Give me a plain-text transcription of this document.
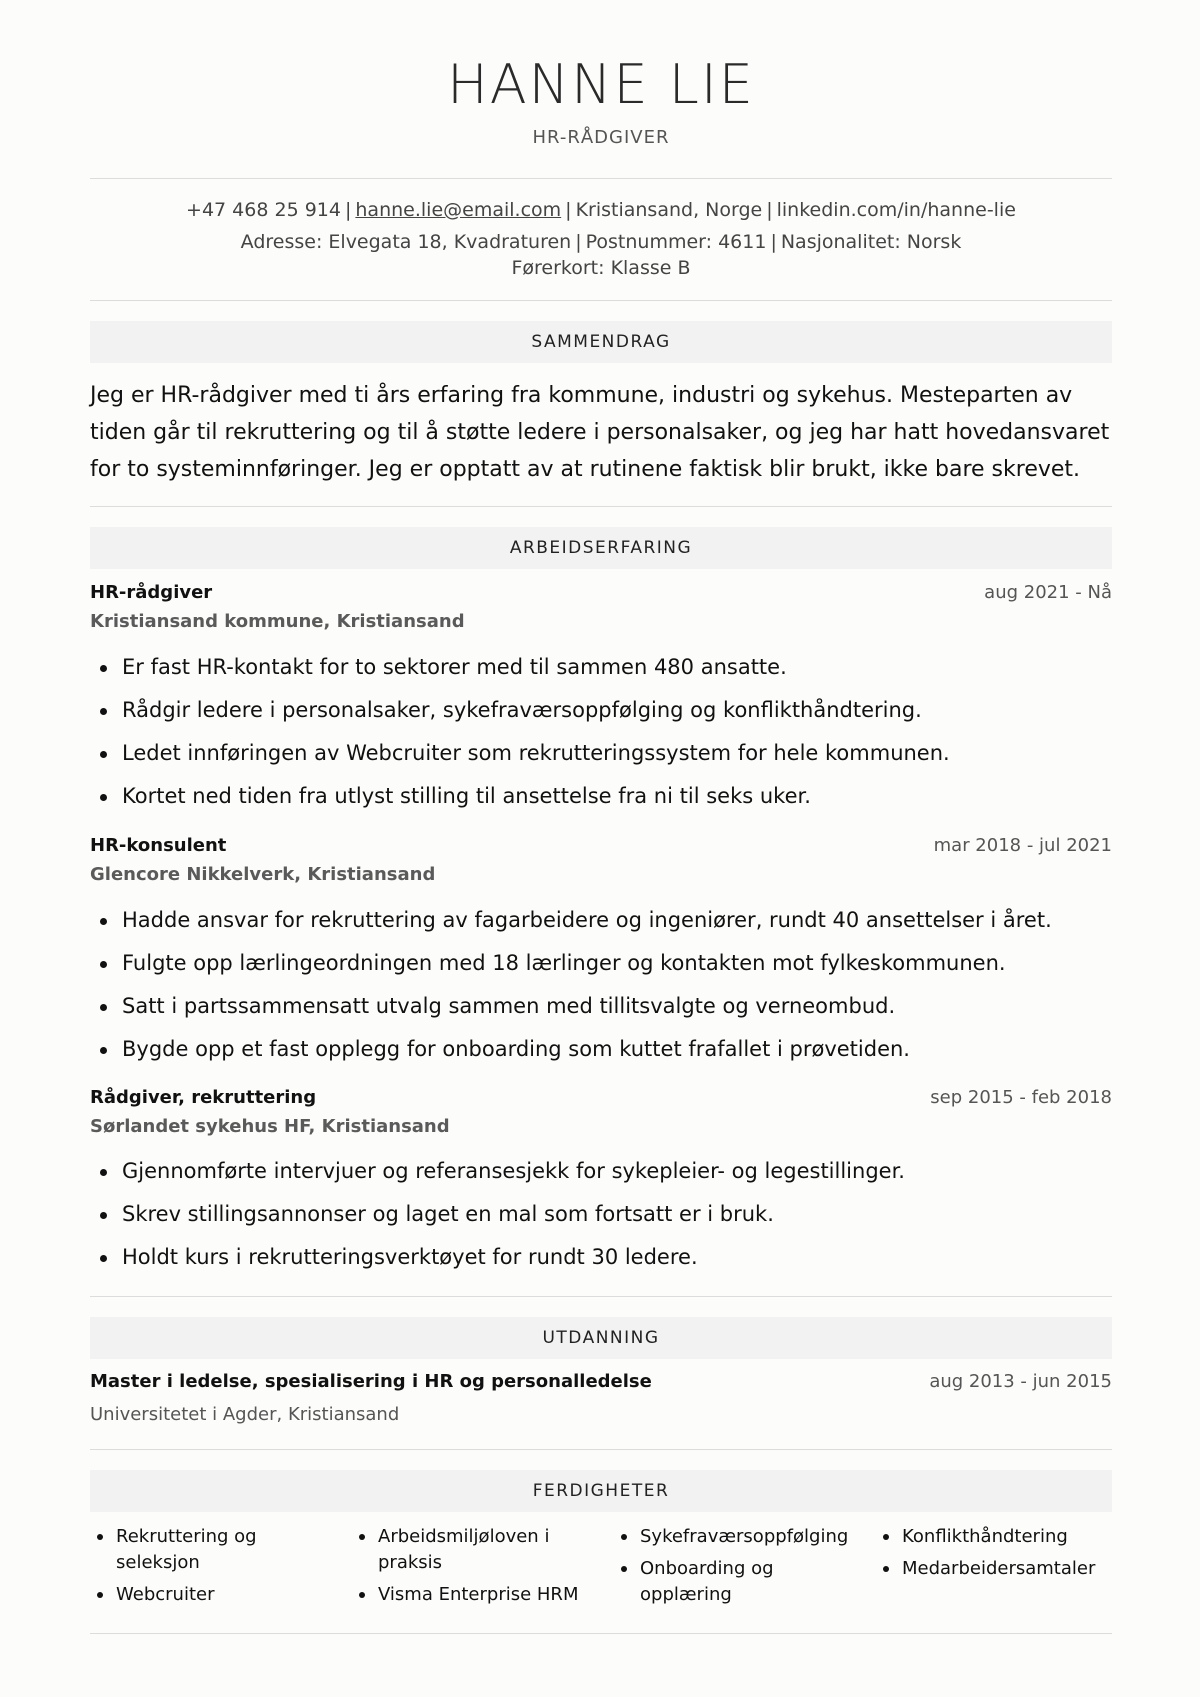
HANNE LIE
HR-RÅDGIVER
+47 468 25 914 | hanne.lie@email.com | Kristiansand, Norge | linkedin.com/in/hanne-lie
Adresse: Elvegata 18, Kvadraturen | Postnummer: 4611 | Nasjonalitet: Norsk
Førerkort: Klasse B
SAMMENDRAG
Jeg er HR-rådgiver med ti års erfaring fra kommune, industri og sykehus. Mesteparten av tiden går til rekruttering og til å støtte ledere i personalsaker, og jeg har hatt hovedansvaret for to systeminnføringer. Jeg er opptatt av at rutinene faktisk blir brukt, ikke bare skrevet.
ARBEIDSERFARING
HR-rådgiver	aug 2021 - Nå
Kristiansand kommune, Kristiansand
Er fast HR-kontakt for to sektorer med til sammen 480 ansatte.
Rådgir ledere i personalsaker, sykefraværsoppfølging og konflikthåndtering.
Ledet innføringen av Webcruiter som rekrutteringssystem for hele kommunen.
Kortet ned tiden fra utlyst stilling til ansettelse fra ni til seks uker.
HR-konsulent	mar 2018 - jul 2021
Glencore Nikkelverk, Kristiansand
Hadde ansvar for rekruttering av fagarbeidere og ingeniører, rundt 40 ansettelser i året.
Fulgte opp lærlingeordningen med 18 lærlinger og kontakten mot fylkeskommunen.
Satt i partssammensatt utvalg sammen med tillitsvalgte og verneombud.
Bygde opp et fast opplegg for onboarding som kuttet frafallet i prøvetiden.
Rådgiver, rekruttering	sep 2015 - feb 2018
Sørlandet sykehus HF, Kristiansand
Gjennomførte intervjuer og referansesjekk for sykepleier- og legestillinger.
Skrev stillingsannonser og laget en mal som fortsatt er i bruk.
Holdt kurs i rekrutteringsverktøyet for rundt 30 ledere.
UTDANNING
Master i ledelse, spesialisering i HR og personalledelse	aug 2013 - jun 2015
Universitetet i Agder, Kristiansand
FERDIGHETER
Rekruttering og seleksjon
Webcruiter
Arbeidsmiljøloven i praksis
Visma Enterprise HRM
Sykefraværsoppfølging
Onboarding og opplæring
Konflikthåndtering
Medarbeidersamtaler
